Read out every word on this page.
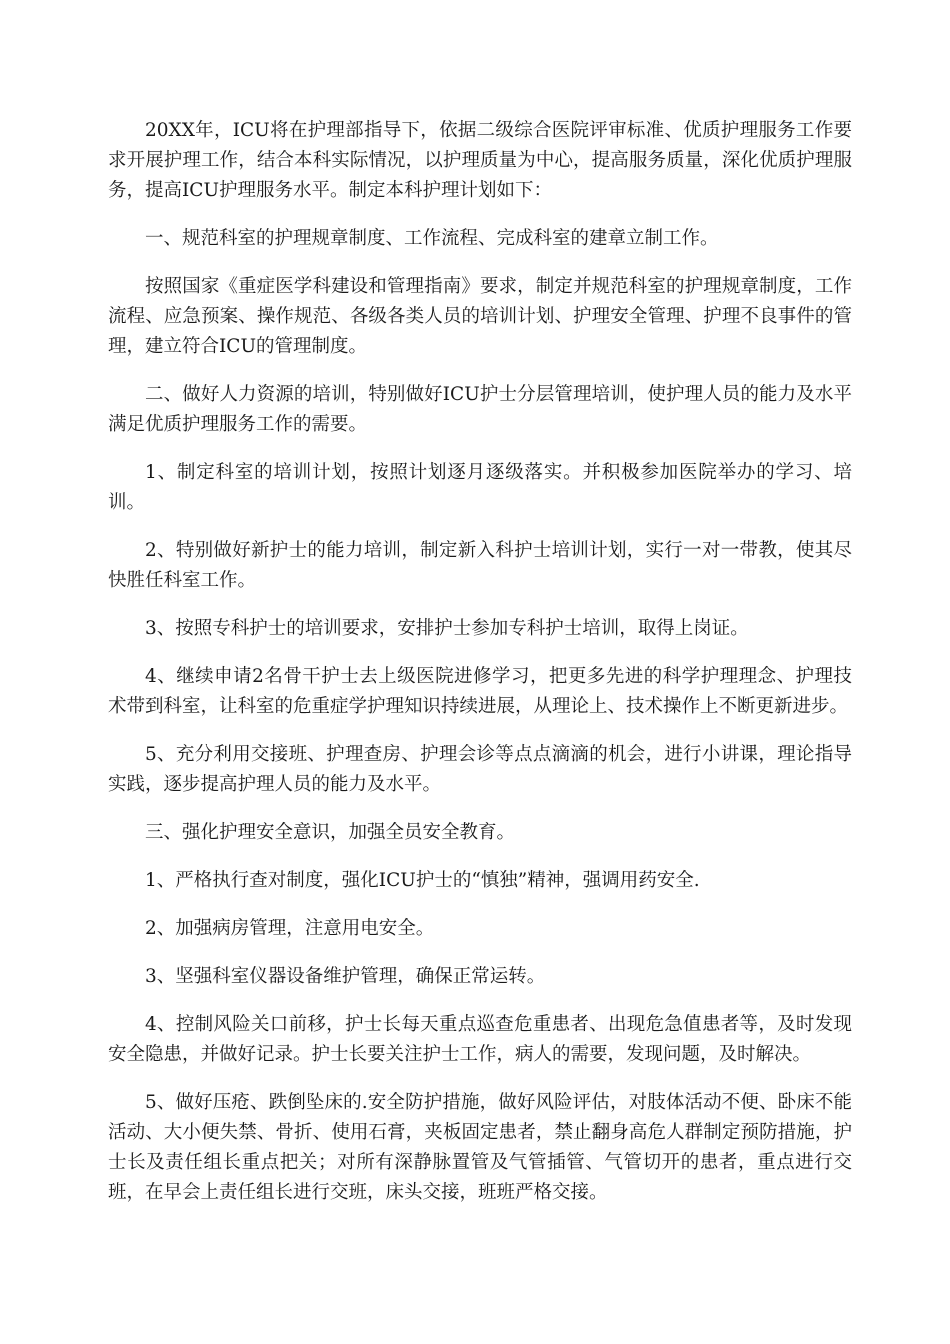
20XX年，ICU将在护理部指导下，依据二级综合医院评审标准、优质护理服务工作要求开展护理工作，结合本科实际情况，以护理质量为中心，提高服务质量，深化优质护理服务，提高ICU护理服务水平。制定本科护理计划如下：

一、规范科室的护理规章制度、工作流程、完成科室的建章立制工作。

按照国家《重症医学科建设和管理指南》要求，制定并规范科室的护理规章制度，工作流程、应急预案、操作规范、各级各类人员的培训计划、护理安全管理、护理不良事件的管理，建立符合ICU的管理制度。

二、做好人力资源的培训，特别做好ICU护士分层管理培训，使护理人员的能力及水平满足优质护理服务工作的需要。

1、制定科室的培训计划，按照计划逐月逐级落实。并积极参加医院举办的学习、培训。

2、特别做好新护士的能力培训，制定新入科护士培训计划，实行一对一带教，使其尽快胜任科室工作。

3、按照专科护士的培训要求，安排护士参加专科护士培训，取得上岗证。

4、继续申请2名骨干护士去上级医院进修学习，把更多先进的科学护理理念、护理技术带到科室，让科室的危重症学护理知识持续进展，从理论上、技术操作上不断更新进步。

5、充分利用交接班、护理查房、护理会诊等点点滴滴的机会，进行小讲课，理论指导实践，逐步提高护理人员的能力及水平。

三、强化护理安全意识，加强全员安全教育。

1、严格执行查对制度，强化ICU护士的“慎独”精神，强调用药安全.

2、加强病房管理，注意用电安全。

3、坚强科室仪器设备维护管理，确保正常运转。

4、控制风险关口前移，护士长每天重点巡查危重患者、出现危急值患者等，及时发现安全隐患，并做好记录。护士长要关注护士工作，病人的需要，发现问题，及时解决。

5、做好压疮、跌倒坠床的.安全防护措施，做好风险评估，对肢体活动不便、卧床不能活动、大小便失禁、骨折、使用石膏，夹板固定患者，禁止翻身高危人群制定预防措施，护士长及责任组长重点把关；对所有深静脉置管及气管插管、气管切开的患者，重点进行交班，在早会上责任组长进行交班，床头交接，班班严格交接。
